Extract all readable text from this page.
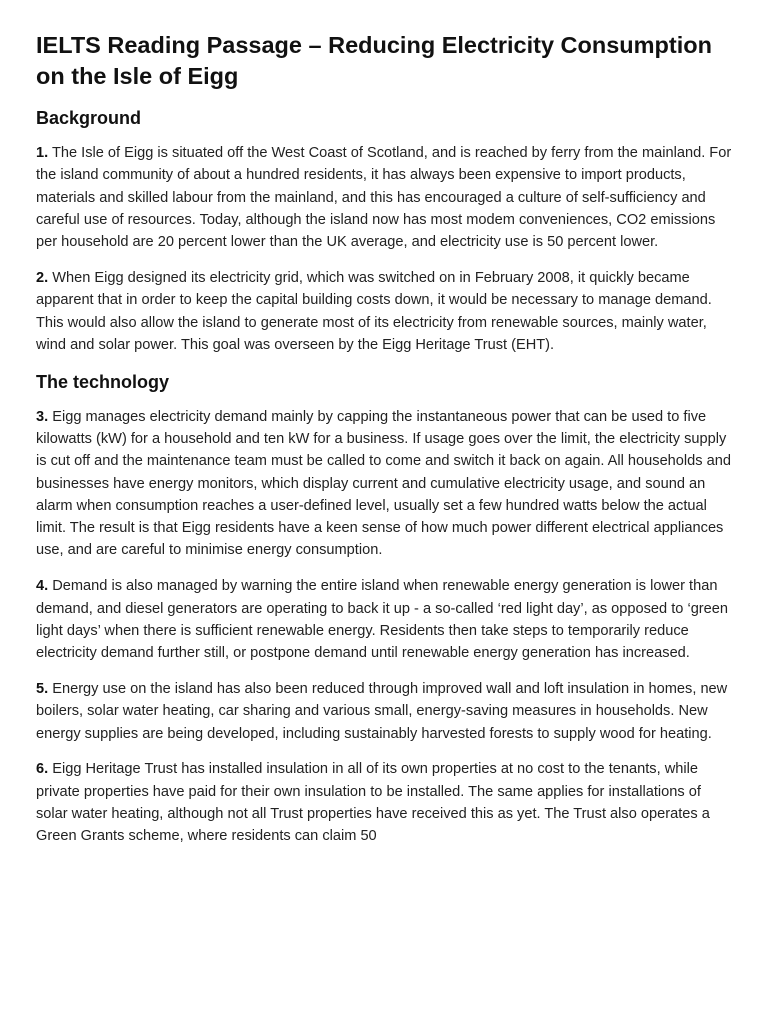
IELTS Reading Passage – Reducing Electricity Consumption on the Isle of Eigg
Background

1. The Isle of Eigg is situated off the West Coast of Scotland, and is reached by ferry from the mainland. For the island community of about a hundred residents, it has always been expensive to import products, materials and skilled labour from the mainland, and this has encouraged a culture of self-sufficiency and careful use of resources. Today, although the island now has most modem conveniences, CO2 emissions per household are 20 percent lower than the UK average, and electricity use is 50 percent lower.

2. When Eigg designed its electricity grid, which was switched on in February 2008, it quickly became apparent that in order to keep the capital building costs down, it would be necessary to manage demand. This would also allow the island to generate most of its electricity from renewable sources, mainly water, wind and solar power. This goal was overseen by the Eigg Heritage Trust (EHT).

The technology

3. Eigg manages electricity demand mainly by capping the instantaneous power that can be used to five kilowatts (kW) for a household and ten kW for a business. If usage goes over the limit, the electricity supply is cut off and the maintenance team must be called to come and switch it back on again. All households and businesses have energy monitors, which display current and cumulative electricity usage, and sound an alarm when consumption reaches a user-defined level, usually set a few hundred watts below the actual limit. The result is that Eigg residents have a keen sense of how much power different electrical appliances use, and are careful to minimise energy consumption.

4. Demand is also managed by warning the entire island when renewable energy generation is lower than demand, and diesel generators are operating to back it up - a so-called ‘red light day’, as opposed to ‘green light days’ when there is sufficient renewable energy. Residents then take steps to temporarily reduce electricity demand further still, or postpone demand until renewable energy generation has increased.

5. Energy use on the island has also been reduced through improved wall and loft insulation in homes, new boilers, solar water heating, car sharing and various small, energy-saving measures in households. New energy supplies are being developed, including sustainably harvested forests to supply wood for heating.

6. Eigg Heritage Trust has installed insulation in all of its own properties at no cost to the tenants, while private properties have paid for their own insulation to be installed. The same applies for installations of solar water heating, although not all Trust properties have received this as yet. The Trust also operates a Green Grants scheme, where residents can claim 50
